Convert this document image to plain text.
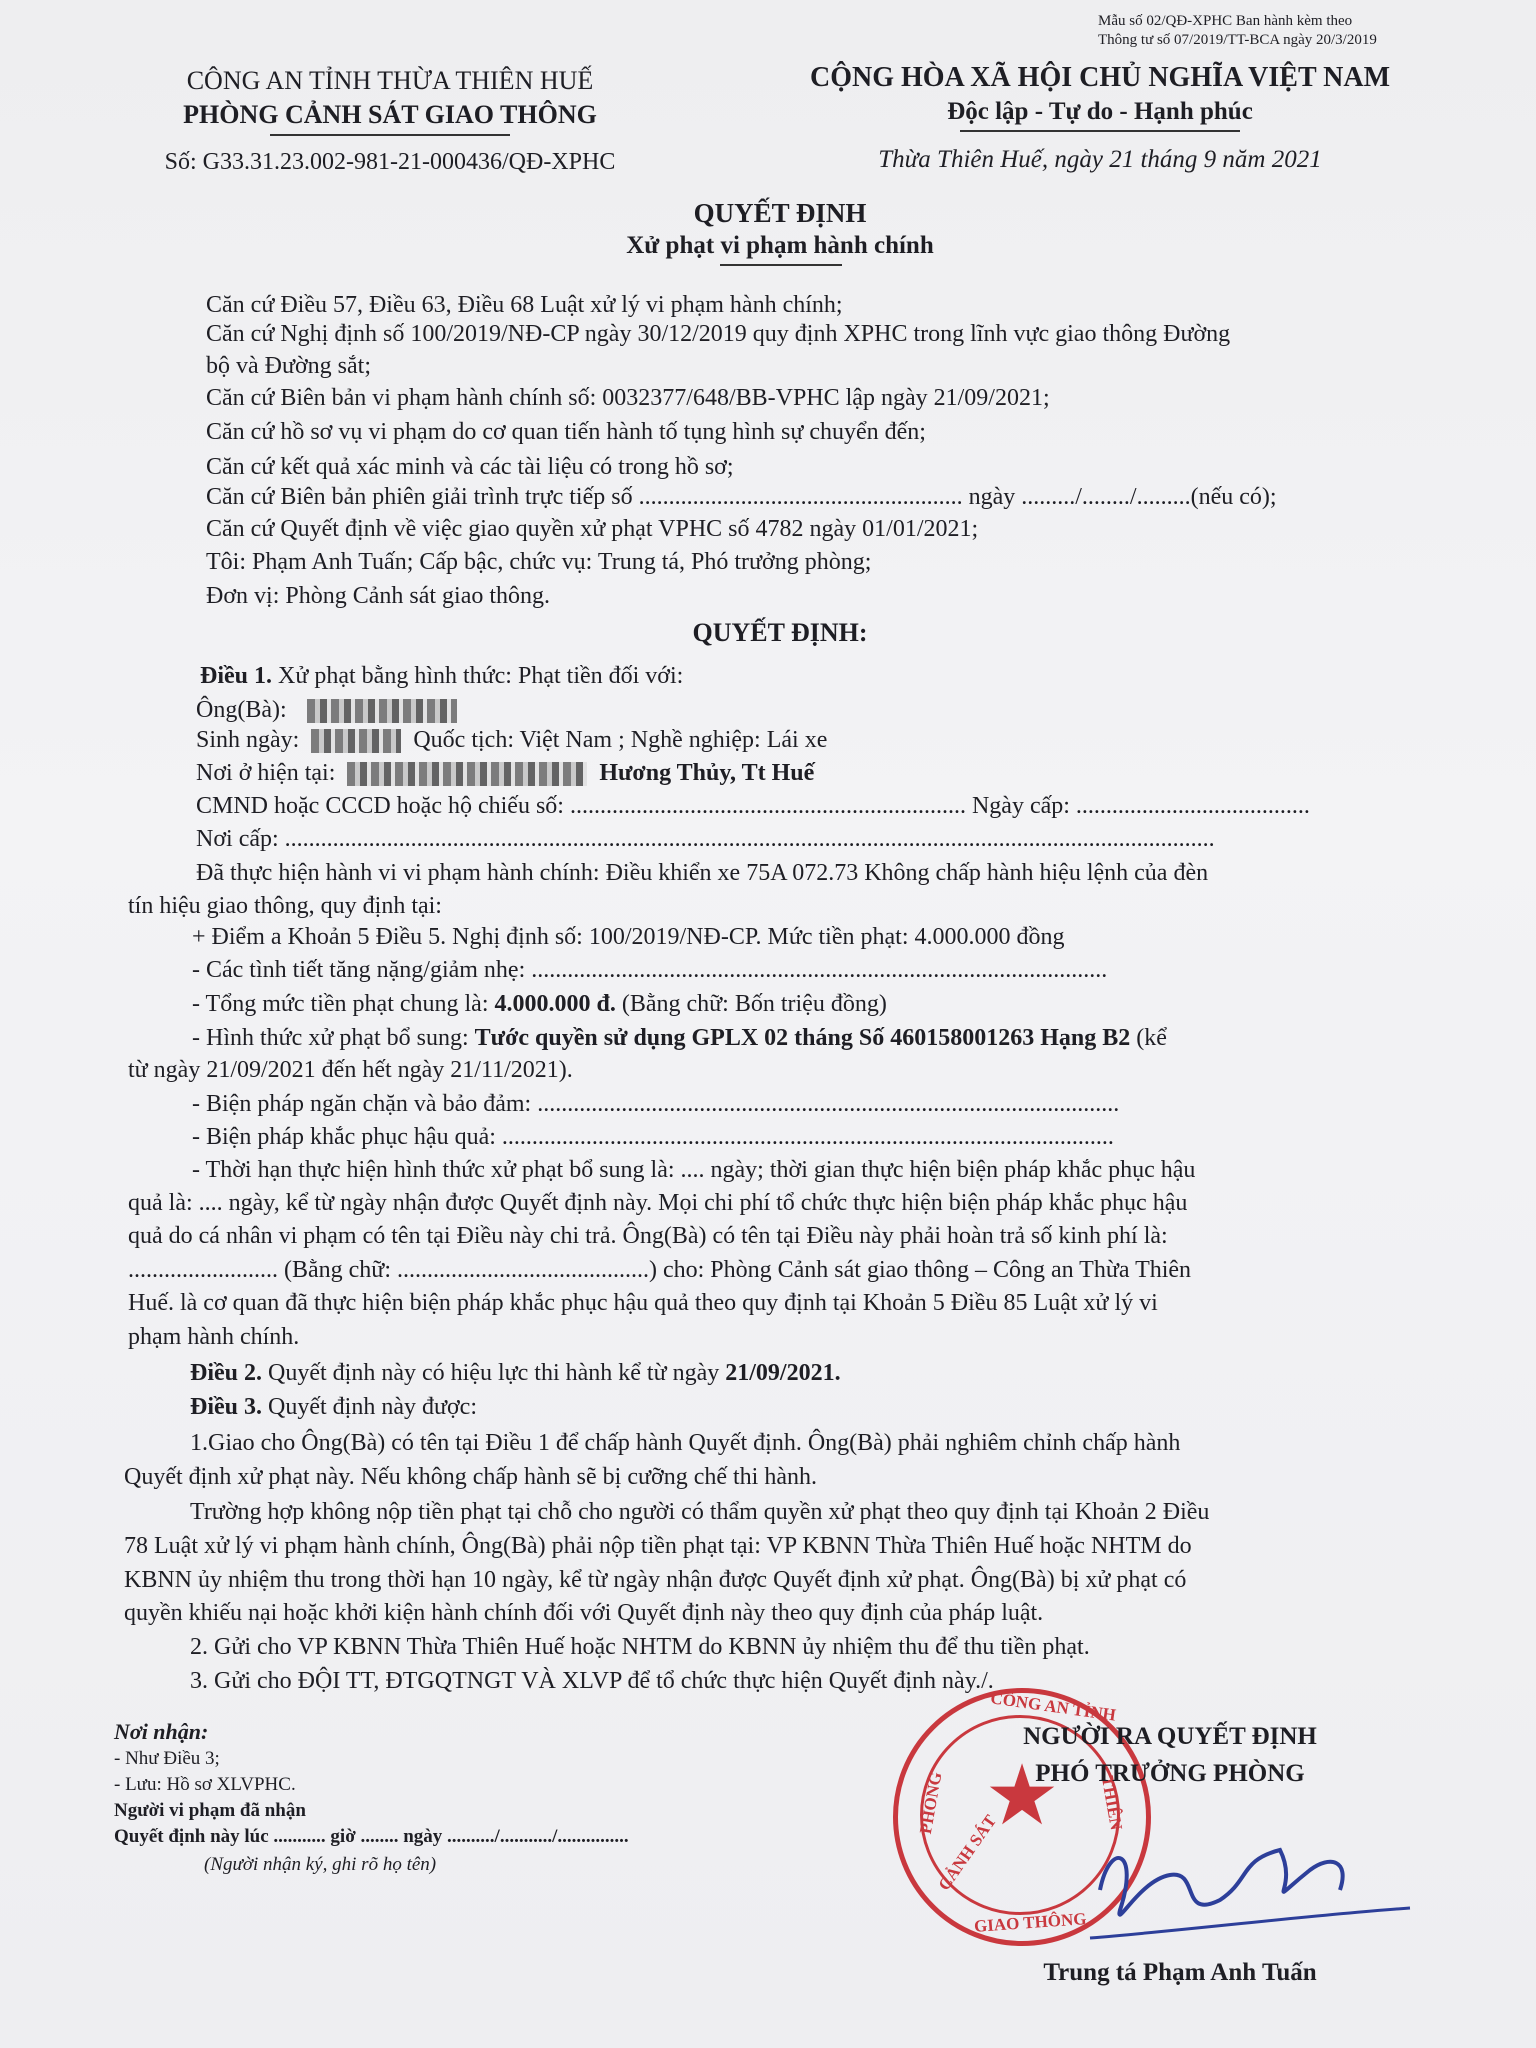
Mẫu số 02/QĐ-XPHC Ban hành kèm theo
Thông tư số 07/2019/TT-BCA ngày 20/3/2019
CÔNG AN TỈNH THỪA THIÊN HUẾ
PHÒNG CẢNH SÁT GIAO THÔNG
Số: G33.31.23.002-981-21-000436/QĐ-XPHC
CỘNG HÒA XÃ HỘI CHỦ NGHĨA VIỆT NAM
Độc lập - Tự do - Hạnh phúc
Thừa Thiên Huế, ngày 21 tháng 9 năm 2021
QUYẾT ĐỊNH
Xử phạt vi phạm hành chính
Căn cứ Điều 57, Điều 63, Điều 68 Luật xử lý vi phạm hành chính;
Căn cứ Nghị định số 100/2019/NĐ-CP ngày 30/12/2019 quy định XPHC trong lĩnh vực giao thông Đường
bộ và Đường sắt;
Căn cứ Biên bản vi phạm hành chính số: 0032377/648/BB-VPHC lập ngày 21/09/2021;
Căn cứ hồ sơ vụ vi phạm do cơ quan tiến hành tố tụng hình sự chuyển đến;
Căn cứ kết quả xác minh và các tài liệu có trong hồ sơ;
Căn cứ Biên bản phiên giải trình trực tiếp số ...................................................... ngày ........./......../.........(nếu có);
Căn cứ Quyết định về việc giao quyền xử phạt VPHC số 4782 ngày 01/01/2021;
Tôi: Phạm Anh Tuấn; Cấp bậc, chức vụ: Trung tá, Phó trưởng phòng;
Đơn vị: Phòng Cảnh sát giao thông.
QUYẾT ĐỊNH:
Điều 1. Xử phạt bằng hình thức: Phạt tiền đối với:
Ông(Bà):
Sinh ngày:	Quốc tịch: Việt Nam ; Nghề nghiệp: Lái xe
Nơi ở hiện tại:	Hương Thủy, Tt Huế
CMND hoặc CCCD hoặc hộ chiếu số: .................................................................. Ngày cấp: .......................................
Nơi cấp: ...........................................................................................................................................................
Đã thực hiện hành vi vi phạm hành chính: Điều khiển xe 75A 072.73 Không chấp hành hiệu lệnh của đèn
tín hiệu giao thông, quy định tại:
+ Điểm a Khoản 5 Điều 5. Nghị định số: 100/2019/NĐ-CP. Mức tiền phạt: 4.000.000 đồng
- Các tình tiết tăng nặng/giảm nhẹ: ................................................................................................
- Tổng mức tiền phạt chung là: 4.000.000 đ. (Bằng chữ: Bốn triệu đồng)
- Hình thức xử phạt bổ sung: Tước quyền sử dụng GPLX 02 tháng Số 460158001263 Hạng B2 (kể
từ ngày 21/09/2021 đến hết ngày 21/11/2021).
- Biện pháp ngăn chặn và bảo đảm: .................................................................................................
- Biện pháp khắc phục hậu quả: ......................................................................................................
- Thời hạn thực hiện hình thức xử phạt bổ sung là: .... ngày; thời gian thực hiện biện pháp khắc phục hậu
quả là: .... ngày, kể từ ngày nhận được Quyết định này. Mọi chi phí tổ chức thực hiện biện pháp khắc phục hậu
quả do cá nhân vi phạm có tên tại Điều này chi trả. Ông(Bà) có tên tại Điều này phải hoàn trả số kinh phí là:
......................... (Bằng chữ: ..........................................) cho: Phòng Cảnh sát giao thông – Công an Thừa Thiên
Huế. là cơ quan đã thực hiện biện pháp khắc phục hậu quả theo quy định tại Khoản 5 Điều 85 Luật xử lý vi
phạm hành chính.
Điều 2. Quyết định này có hiệu lực thi hành kể từ ngày 21/09/2021.
Điều 3. Quyết định này được:
1.Giao cho Ông(Bà) có tên tại Điều 1 để chấp hành Quyết định. Ông(Bà) phải nghiêm chỉnh chấp hành
Quyết định xử phạt này. Nếu không chấp hành sẽ bị cưỡng chế thi hành.
Trường hợp không nộp tiền phạt tại chỗ cho người có thẩm quyền xử phạt theo quy định tại Khoản 2 Điều
78 Luật xử lý vi phạm hành chính, Ông(Bà) phải nộp tiền phạt tại: VP KBNN Thừa Thiên Huế hoặc NHTM do
KBNN ủy nhiệm thu trong thời hạn 10 ngày, kể từ ngày nhận được Quyết định xử phạt. Ông(Bà) bị xử phạt có
quyền khiếu nại hoặc khởi kiện hành chính đối với Quyết định này theo quy định của pháp luật.
2. Gửi cho VP KBNN Thừa Thiên Huế hoặc NHTM do KBNN ủy nhiệm thu để thu tiền phạt.
3. Gửi cho ĐỘI TT, ĐTGQTNGT VÀ XLVP để tổ chức thực hiện Quyết định này./.
Nơi nhận:
- Như Điều 3;
- Lưu: Hồ sơ XLVPHC.
Người vi phạm đã nhận
Quyết định này lúc ........... giờ ........ ngày ........../.........../...............
(Người nhận ký, ghi rõ họ tên)
★
CÔNG AN TỈNH
PHÒNG	THIÊN
GIAO THÔNG
CẢNH SÁT
NGƯỜI RA QUYẾT ĐỊNH
PHÓ TRƯỞNG PHÒNG
Trung tá Phạm Anh Tuấn
